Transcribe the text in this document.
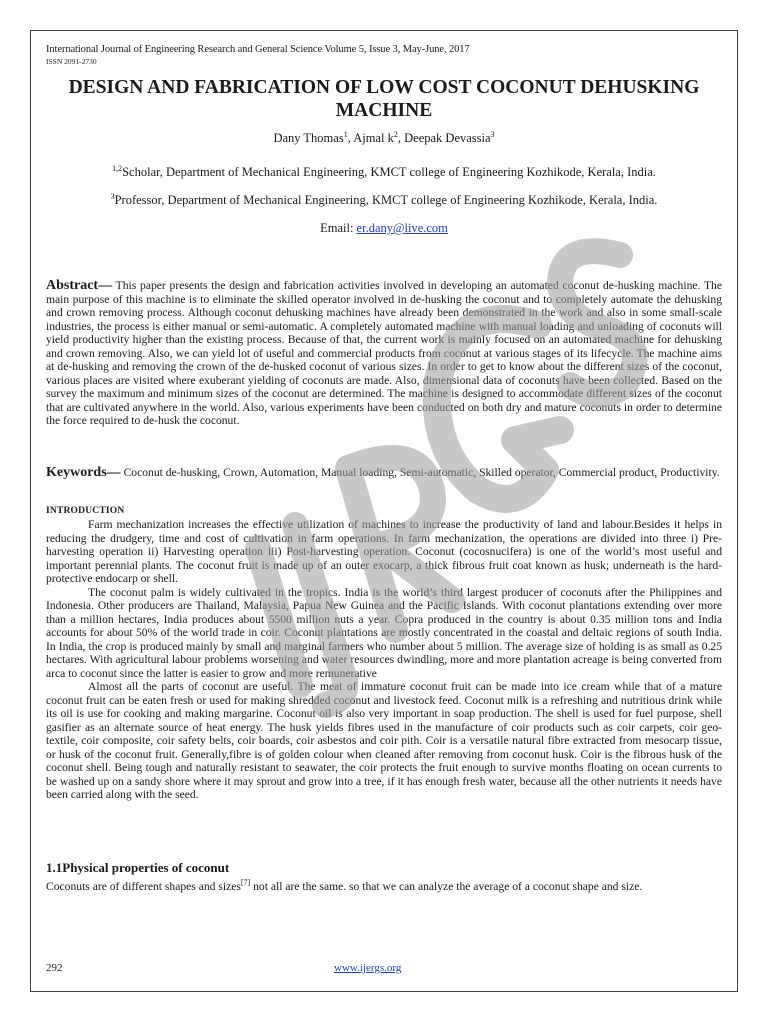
International Journal of Engineering Research and General Science Volume 5, Issue 3, May-June, 2017
ISSN 2091-2730
DESIGN AND FABRICATION OF LOW COST COCONUT DEHUSKING MACHINE
Dany Thomas$^1$, Ajmal $k^2$, Deepak Devassia$^3$
$^{1,2}$Scholar, Department of Mechanical Engineering, KMCT college of Engineering Kozhikode, Kerala, India.
$^3$Professor, Department of Mechanical Engineering, KMCT college of Engineering Kozhikode, Kerala, India.
Email: er.dany@live.com
Abstract— This paper presents the design and fabrication activities involved in developing an automated coconut de-husking machine. The main purpose of this machine is to eliminate the skilled operator involved in de-husking the coconut and to completely automate the dehusking and crown removing process. Although coconut dehusking machines have already been demonstrated in the work and also in some small-scale industries, the process is either manual or semi-automatic. A completely automated machine with manual loading and unloading of coconuts will yield productivity higher than the existing process. Because of that, the current work is mainly focused on an automated machine for dehusking and crown removing. Also, we can yield lot of useful and commercial products from coconut at various stages of its lifecycle. The machine aims at de-husking and removing the crown of the de-husked coconut of various sizes. In order to get to know about the different sizes of the coconut, various places are visited where exuberant yielding of coconuts are made. Also, dimensional data of coconuts have been collected. Based on the survey the maximum and minimum sizes of the coconut are determined. The machine is designed to accommodate different sizes of the coconut that are cultivated anywhere in the world. Also, various experiments have been conducted on both dry and mature coconuts in order to determine the force required to de-husk the coconut.
Keywords— Coconut de-husking, Crown, Automation, Manual loading, Semi-automatic, Skilled operator, Commercial product, Productivity.
INTRODUCTION

Farm mechanization increases the effective utilization of machines to increase the productivity of land and labour.Besides it helps in reducing the drudgery, time and cost of cultivation in farm operations. In farm mechanization, the operations are divided into three i) Pre-harvesting operation ii) Harvesting operation iii) Post-harvesting operation. Coconut (cocosnucifera) is one of the world’s most useful and important perennial plants. The coconut fruit is made up of an outer exocarp, a thick fibrous fruit coat known as husk; underneath is the hard-protective endocarp or shell.

The coconut palm is widely cultivated in the tropics. India is the world’s third largest producer of coconuts after the Philippines and Indonesia. Other producers are Thailand, Malaysia, Papua New Guinea and the Pacific Islands. With coconut plantations extending over more than a million hectares, India produces about 5500 million nuts a year. Copra produced in the country is about 0.35 million tons and India accounts for about 50% of the world trade in coir. Coconut plantations are mostly concentrated in the coastal and deltaic regions of south India. In India, the crop is produced mainly by small and marginal farmers who number about 5 million. The average size of holding is as small as 0.25 hectares. With agricultural labour problems worsening and water resources dwindling, more and more plantation acreage is being converted from arca to coconut since the latter is easier to grow and more remunerative

Almost all the parts of coconut are useful. The meat of immature coconut fruit can be made into ice cream while that of a mature coconut fruit can be eaten fresh or used for making shredded coconut and livestock feed. Coconut milk is a refreshing and nutritious drink while its oil is use for cooking and making margarine. Coconut oil is also very important in soap production. The shell is used for fuel purpose, shell gasifier as an alternate source of heat energy. The husk yields fibres used in the manufacture of coir products such as coir carpets, coir geo-textile, coir composite, coir safety belts, coir boards, coir asbestos and coir pith. Coir is a versatile natural fibre extracted from mesocarp tissue, or husk of the coconut fruit. Generally,fibre is of golden colour when cleaned after removing from coconut husk. Coir is the fibrous husk of the coconut shell. Being tough and naturally resistant to seawater, the coir protects the fruit enough to survive months floating on ocean currents to be washed up on a sandy shore where it may sprout and grow into a tree, if it has enough fresh water, because all the other nutrients it needs have been carried along with the seed.

1.1Physical properties of coconut
Coconuts are of different shapes and sizes[7] not all are the same. so that we can analyze the average of a coconut shape and size.
292	www.ijergs.org
